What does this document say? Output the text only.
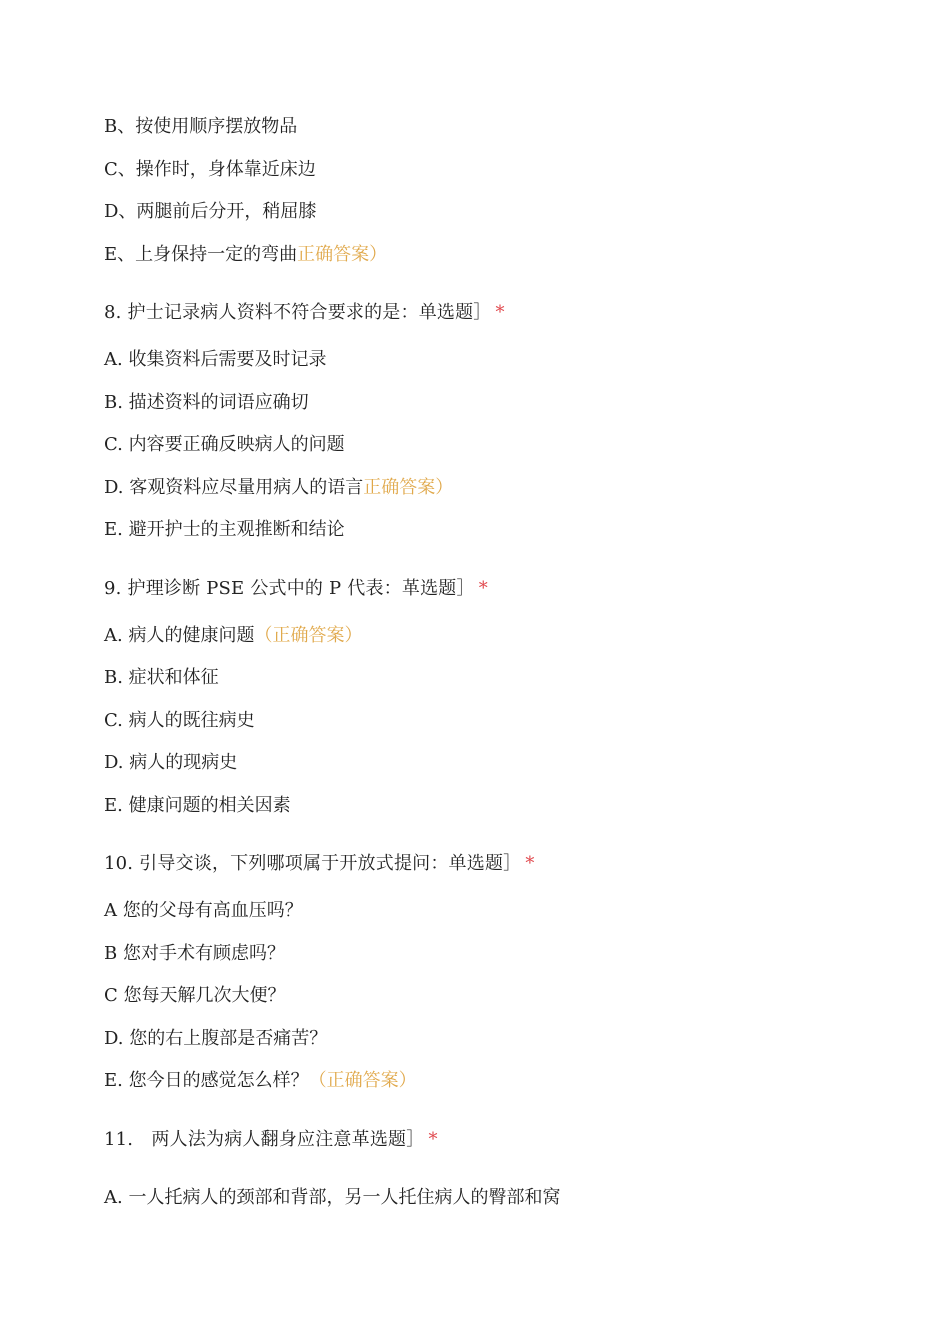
B、按使用顺序摆放物品
C、操作时，身体靠近床边
D、两腿前后分开，稍屈膝
E、上身保持一定的弯曲正确答案）
8. 护士记录病人资料不符合要求的是：单选题］ *
A. 收集资料后需要及时记录
B. 描述资料的词语应确切
C. 内容要正确反映病人的问题
D. 客观资料应尽量用病人的语言正确答案）
E. 避开护士的主观推断和结论
9. 护理诊断 PSE 公式中的 P 代表：革选题］ *
A. 病人的健康问题（正确答案）
B. 症状和体征
C. 病人的既往病史
D. 病人的现病史
E. 健康问题的相关因素
10. 引导交谈，下列哪项属于开放式提问：单选题］ *
A 您的父母有高血压吗？
B 您对手术有顾虑吗？
C 您每天解几次大便？
D. 您的右上腹部是否痛苦？
E. 您今日的感觉怎么样？（正确答案）
11.　两人法为病人翻身应注意革选题］ *
A. 一人托病人的颈部和背部，另一人托住病人的臀部和窝
